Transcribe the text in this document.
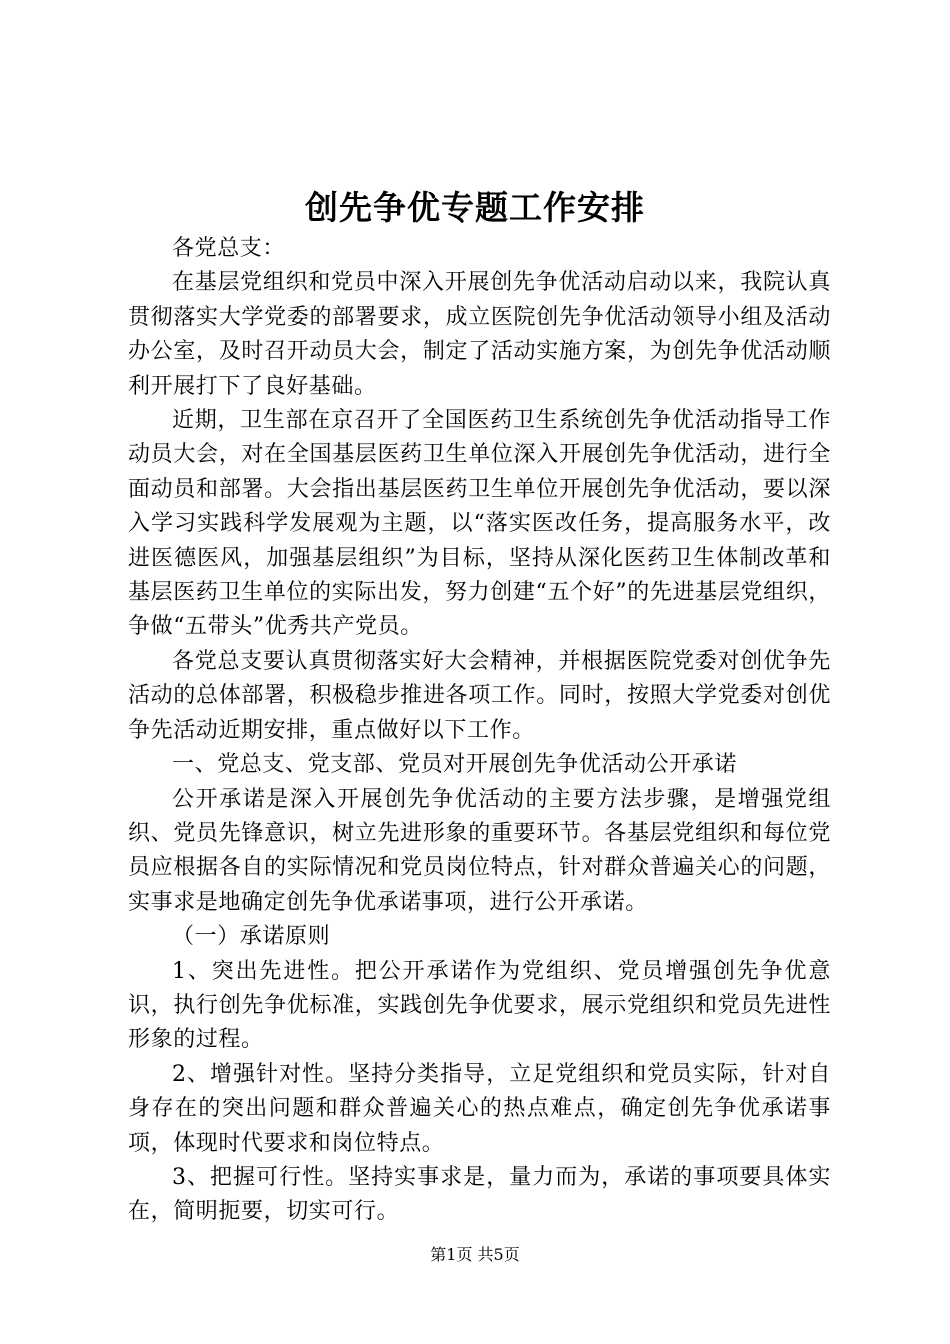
创先争优专题工作安排

各党总支：

在基层党组织和党员中深入开展创先争优活动启动以来，我院认真贯彻落实大学党委的部署要求，成立医院创先争优活动领导小组及活动办公室，及时召开动员大会，制定了活动实施方案，为创先争优活动顺利开展打下了良好基础。

近期，卫生部在京召开了全国医药卫生系统创先争优活动指导工作动员大会，对在全国基层医药卫生单位深入开展创先争优活动，进行全面动员和部署。大会指出基层医药卫生单位开展创先争优活动，要以深入学习实践科学发展观为主题，以“落实医改任务，提高服务水平，改进医德医风，加强基层组织”为目标，坚持从深化医药卫生体制改革和基层医药卫生单位的实际出发，努力创建“五个好”的先进基层党组织，争做“五带头”优秀共产党员。

各党总支要认真贯彻落实好大会精神，并根据医院党委对创优争先活动的总体部署，积极稳步推进各项工作。同时，按照大学党委对创优争先活动近期安排，重点做好以下工作。

一、党总支、党支部、党员对开展创先争优活动公开承诺

公开承诺是深入开展创先争优活动的主要方法步骤，是增强党组织、党员先锋意识，树立先进形象的重要环节。各基层党组织和每位党员应根据各自的实际情况和党员岗位特点，针对群众普遍关心的问题，实事求是地确定创先争优承诺事项，进行公开承诺。

（一）承诺原则

1、突出先进性。把公开承诺作为党组织、党员增强创先争优意识，执行创先争优标准，实践创先争优要求，展示党组织和党员先进性形象的过程。

2、增强针对性。坚持分类指导，立足党组织和党员实际，针对自身存在的突出问题和群众普遍关心的热点难点，确定创先争优承诺事项，体现时代要求和岗位特点。

3、把握可行性。坚持实事求是，量力而为，承诺的事项要具体实在，简明扼要，切实可行。

第1页 共5页
